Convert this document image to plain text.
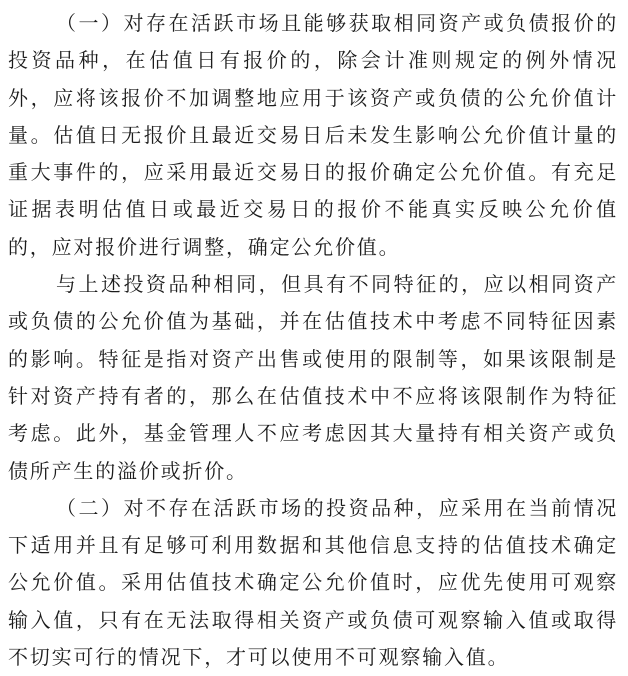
（一）对存在活跃市场且能够获取相同资产或负债报价的投资品种，在估值日有报价的，除会计准则规定的例外情况外，应将该报价不加调整地应用于该资产或负债的公允价值计量。估值日无报价且最近交易日后未发生影响公允价值计量的重大事件的，应采用最近交易日的报价确定公允价值。有充足证据表明估值日或最近交易日的报价不能真实反映公允价值的，应对报价进行调整，确定公允价值。

与上述投资品种相同，但具有不同特征的，应以相同资产或负债的公允价值为基础，并在估值技术中考虑不同特征因素的影响。特征是指对资产出售或使用的限制等，如果该限制是针对资产持有者的，那么在估值技术中不应将该限制作为特征考虑。此外，基金管理人不应考虑因其大量持有相关资产或负债所产生的溢价或折价。

（二）对不存在活跃市场的投资品种，应采用在当前情况下适用并且有足够可利用数据和其他信息支持的估值技术确定公允价值。采用估值技术确定公允价值时，应优先使用可观察输入值，只有在无法取得相关资产或负债可观察输入值或取得不切实可行的情况下，才可以使用不可观察输入值。
